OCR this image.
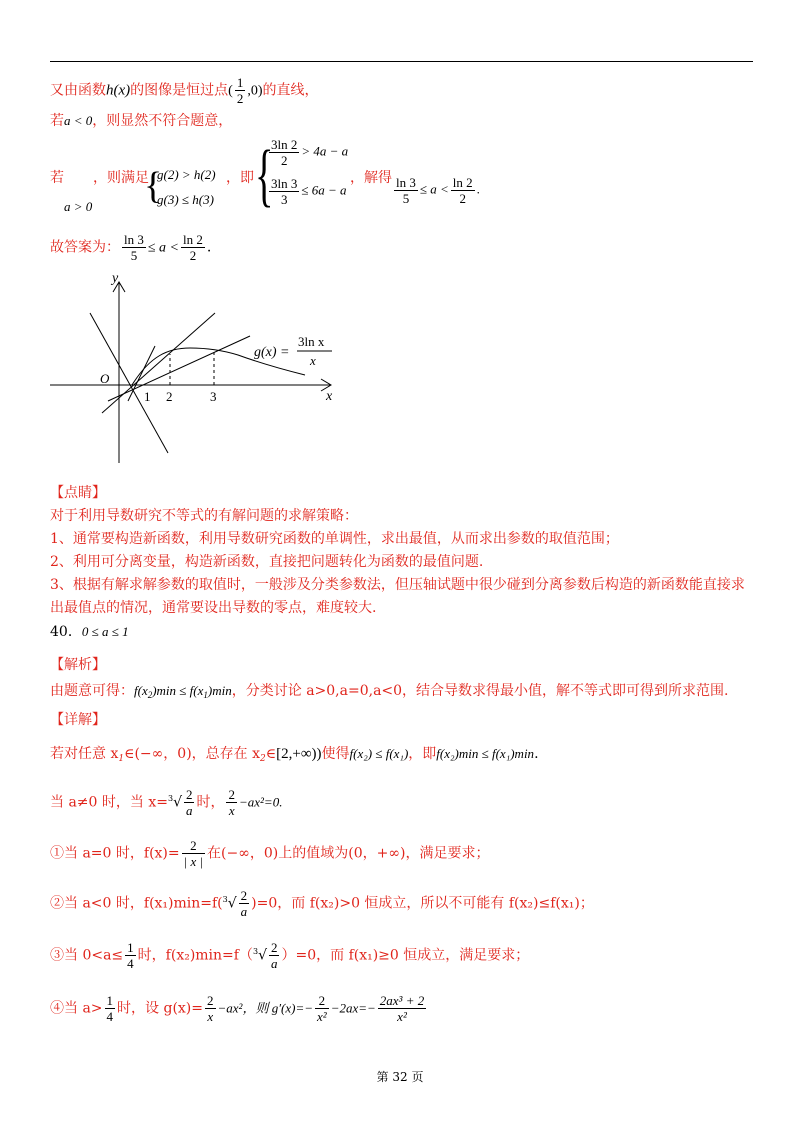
又由函数h(x)的图像是恒过点( $\frac{1}{2} ,0$)的直线，
若a < 0，则显然不符合题意，
若
a > 0
，则满足
{
g(2) > h(2)
g(3) ≤ h(3)
，即 {
$\frac{3\ln 2}{2} > 4a - a$
$\frac{3\ln 3}{3} \le 6a - a$
，解得 $\frac{\ln 3}{5} \le a < \frac{\ln 2}{2}$ .
故答案为： $\frac{\ln 3}{5} \le a < \frac{\ln 2}{2}$ .
y
x
O
1 2	3
g(x) =
3ln x
x
【点睛】
对于利用导数研究不等式的有解问题的求解策略：
1、通常要构造新函数，利用导数研究函数的单调性，求出最值，从而求出参数的取值范围；
2、利用可分离变量，构造新函数，直接把问题转化为函数的最值问题.
3、根据有解求解参数的取值时，一般涉及分类参数法，但压轴试题中很少碰到分离参数后构造的新函数能直接求
出最值点的情况，通常要设出导数的零点，难度较大.
40．0 ≤ a ≤ 1
【解析】
由题意可得：$f(x_2)\min \le f(x_1)\min$，分类讨论 a>0,a=0,a<0，结合导数求得最小值，解不等式即可得到所求范围.
【详解】
若对任意 $x_1\in(-\infty$，0)，总存在 $x_2\in[2,+\infty)$)使得f(x₂) ≤ f(x₁)，即f(x₂)min ≤ f(x₁)min.
当 a≠0 时，当 $x=^3√ \frac{2}{a}$ 时， $\frac{2}{x} -ax^2=0$.
①当 a=0 时，$f(x)= \frac{2}{| x |}$ 在(−∞，0)上的值域为(0，+∞)，满足要求；
②当 a<0 时，$f(x_1)\min=f(^3√ \frac{2}{a} )=0$，而 f(x₂)>0 恒成立，所以不可能有 f(x₂)≤f(x₁)；
③当 $0<a\le \frac{1}{4}$ 时，$f(x_2)\min=f(^3√ \frac{2}{a} )=0$，而 f(x₁)≥0 恒成立，满足要求；
④当 $a> \frac{1}{4}$ 时，设 $g(x)= \frac{2}{x} -ax^2$，则 $g'(x)=- \frac{2}{\text{x²}} -2ax=- \frac{\text{2ax³ + 2}}{\text{x²}}$
第 32 页
